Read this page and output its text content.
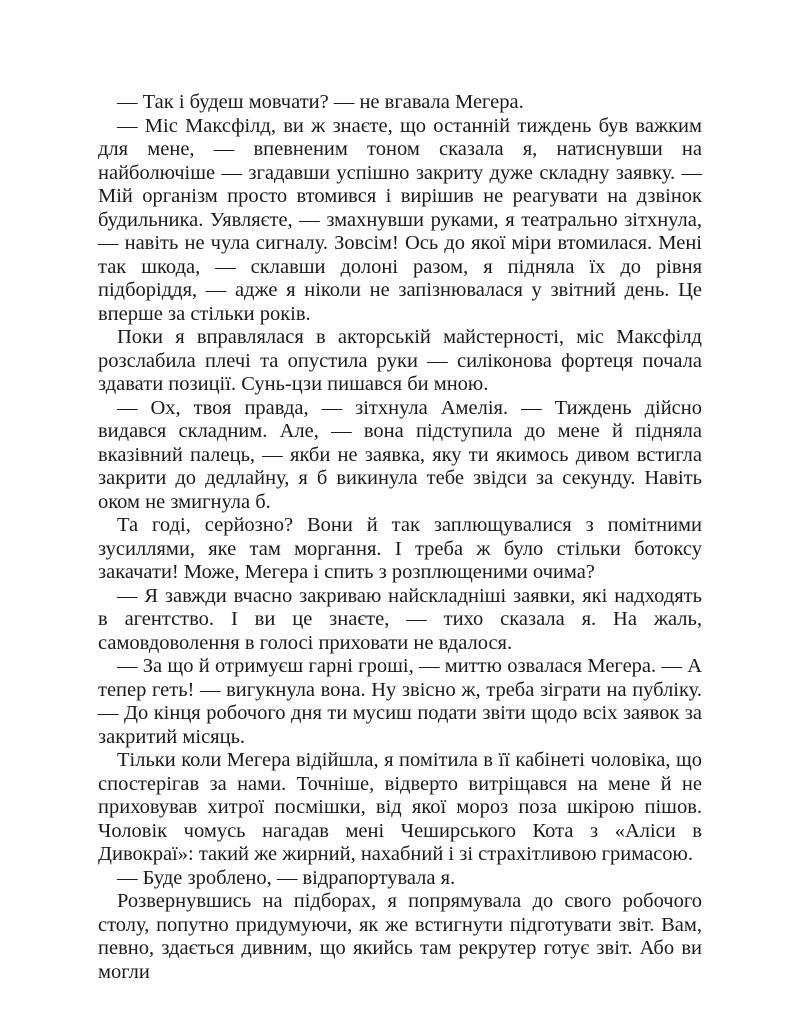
— Так і будеш мовчати? — не вгавала Мегера.

— Міс Максфілд, ви ж знаєте, що останній тиждень був важким для мене, — впевненим тоном сказала я, натиснувши на найболючіше — згадавши успішно закриту дуже складну заявку. — Мій організм просто втомився і вирішив не реагувати на дзвінок будильника. Уявляєте, — змахнувши руками, я театрально зітхнула, — навіть не чула сигналу. Зовсім! Ось до якої міри втомилася. Мені так шкода, — склавши долоні разом, я підняла їх до рівня підборіддя, — адже я ніколи не запізнювалася у звітний день. Це вперше за стільки років.

Поки я вправлялася в акторській майстерності, міс Максфілд розслабила плечі та опустила руки — силіконова фортеця почала здавати позиції. Сунь-цзи пишався би мною.

— Ох, твоя правда, — зітхнула Амелія. — Тиждень дійсно видався складним. Але, — вона підступила до мене й підняла вказівний палець, — якби не заявка, яку ти якимось дивом встигла закрити до дедлайну, я б викинула тебе звідси за секунду. Навіть оком не змигнула б.

Та годі, серйозно? Вони й так заплющувалися з помітними зусиллями, яке там моргання. І треба ж було стільки ботоксу закачати! Може, Мегера і спить з розплющеними очима?

— Я завжди вчасно закриваю найскладніші заявки, які надходять в агентство. І ви це знаєте, — тихо сказала я. На жаль, самовдоволення в голосі приховати не вдалося.

— За що й отримуєш гарні гроші, — миттю озвалася Мегера. — А тепер геть! — вигукнула вона. Ну звісно ж, треба зіграти на публіку. — До кінця робочого дня ти мусиш подати звіти щодо всіх заявок за закритий місяць.

Тільки коли Мегера відійшла, я помітила в її кабінеті чоловіка, що спостерігав за нами. Точніше, відверто витріщався на мене й не приховував хитрої посмішки, від якої мороз поза шкірою пішов. Чоловік чомусь нагадав мені Чеширського Кота з «Аліси в Дивокраї»: такий же жирний, нахабний і зі страхітливою гримасою.

— Буде зроблено, — відрапортувала я.

Розвернувшись на підборах, я попрямувала до свого робочого столу, попутно придумуючи, як же встигнути підготувати звіт. Вам, певно, здається дивним, що якийсь там рекрутер готує звіт. Або ви могли
